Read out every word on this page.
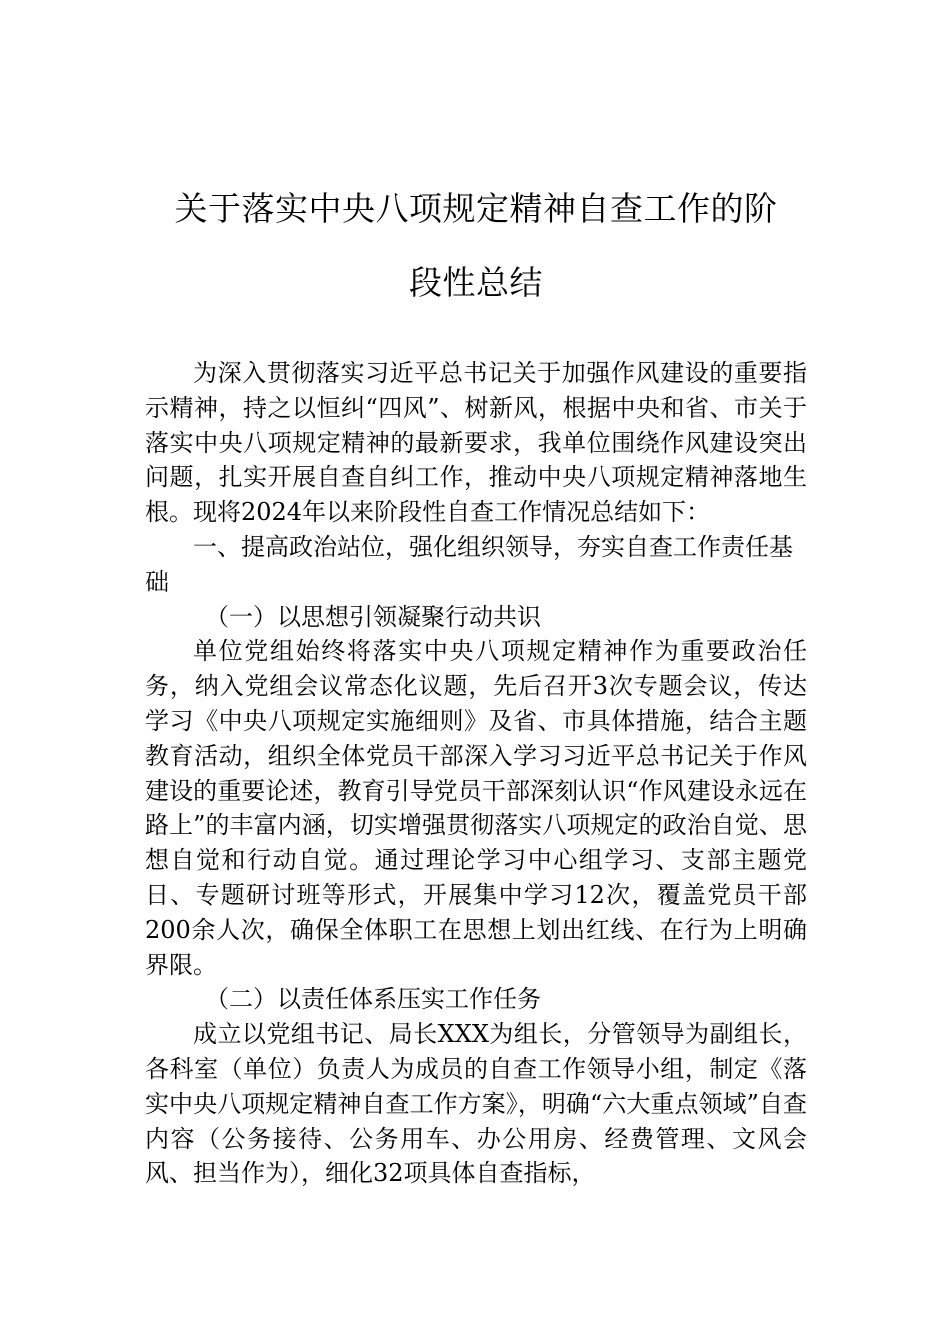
关于落实中央八项规定精神自查工作的阶
段性总结

为深入贯彻落实习近平总书记关于加强作风建设的重要指示精神，持之以恒纠“四风”、树新风，根据中央和省、市关于落实中央八项规定精神的最新要求，我单位围绕作风建设突出问题，扎实开展自查自纠工作，推动中央八项规定精神落地生根。现将2024年以来阶段性自查工作情况总结如下：

一、提高政治站位，强化组织领导，夯实自查工作责任基础

（一）以思想引领凝聚行动共识

单位党组始终将落实中央八项规定精神作为重要政治任务，纳入党组会议常态化议题，先后召开3次专题会议，传达学习《中央八项规定实施细则》及省、市具体措施，结合主题教育活动，组织全体党员干部深入学习习近平总书记关于作风建设的重要论述，教育引导党员干部深刻认识“作风建设永远在路上”的丰富内涵，切实增强贯彻落实八项规定的政治自觉、思想自觉和行动自觉。通过理论学习中心组学习、支部主题党日、专题研讨班等形式，开展集中学习12次，覆盖党员干部200余人次，确保全体职工在思想上划出红线、在行为上明确界限。

（二）以责任体系压实工作任务

成立以党组书记、局长XXX为组长，分管领导为副组长，各科室（单位）负责人为成员的自查工作领导小组，制定《落实中央八项规定精神自查工作方案》，明确“六大重点领域”自查内容（公务接待、公务用车、办公用房、经费管理、文风会风、担当作为），细化32项具体自查指标，
